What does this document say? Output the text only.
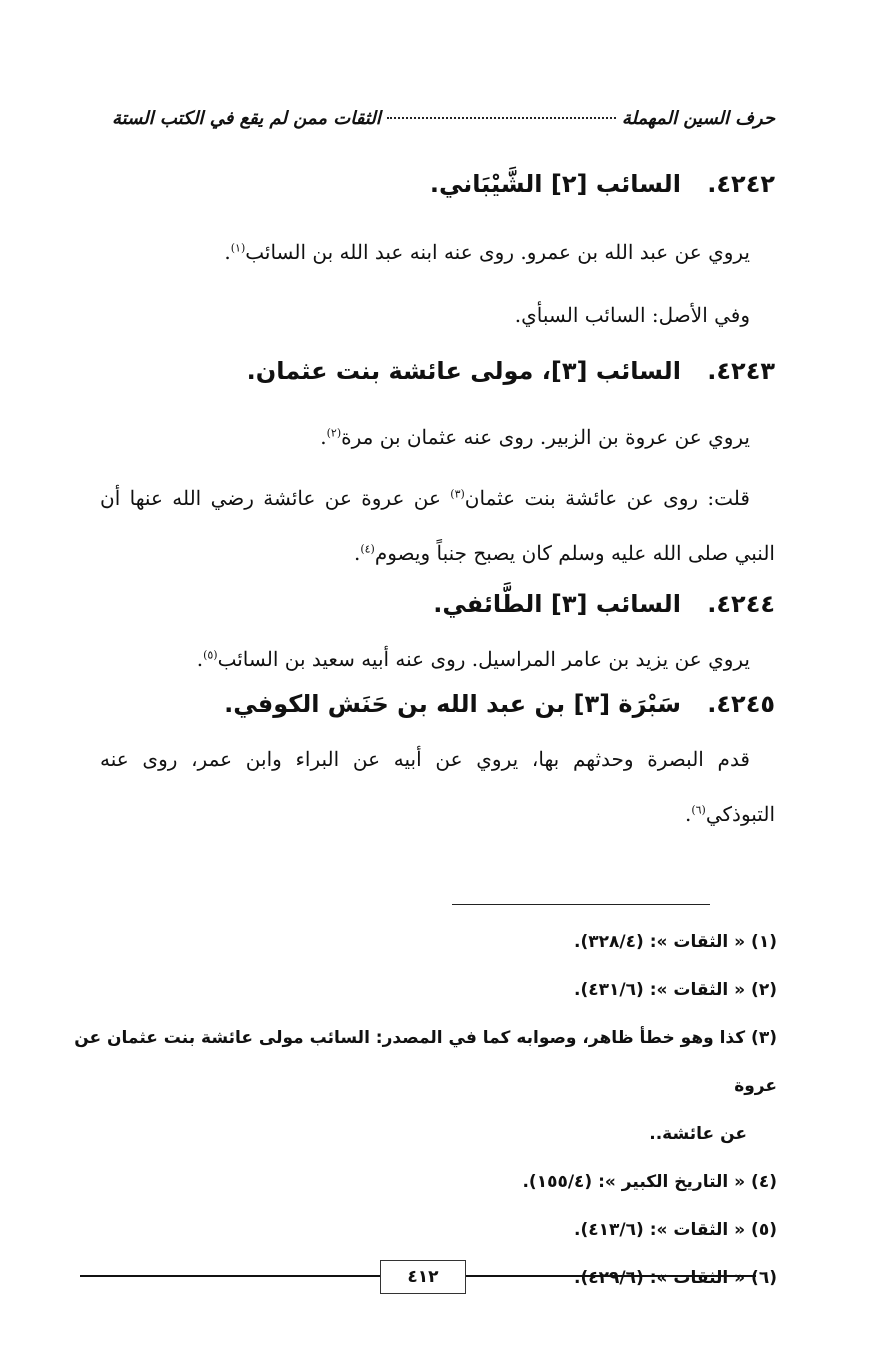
حرف السين المهملة
الثقات ممن لم يقع في الكتب الستة
٤٢٤٢. السائب [٢] الشَّيْبَاني.
يروي عن عبد الله بن عمرو. روى عنه ابنه عبد الله بن السائب$^{(١)}$.
وفي الأصل: السائب السبأي.
٤٢٤٣. السائب [٣]، مولى عائشة بنت عثمان.
يروي عن عروة بن الزبير. روى عنه عثمان بن مرة$^{(٢)}$.
قلت: روى عن عائشة بنت عثمان$^{(٣)}$ عن عروة عن عائشة رضي الله عنها أن النبي صلى الله عليه وسلم كان يصبح جنباً ويصوم$^{(٤)}$.
٤٢٤٤. السائب [٣] الطَّائفي.
يروي عن يزيد بن عامر المراسيل. روى عنه أبيه سعيد بن السائب$^{(٥)}$.
٤٢٤٥. سَبْرَة [٣] بن عبد الله بن حَنَش الكوفي.
قدم البصرة وحدثهم بها، يروي عن أبيه عن البراء وابن عمر، روى عنه التبوذكي$^{(٦)}$.
(١) « الثقات »: (٣٢٨/٤).
(٢) « الثقات »: (٤٣١/٦).
(٣) كذا وهو خطأ ظاهر، وصوابه كما في المصدر: السائب مولى عائشة بنت عثمان عن عروة
عن عائشة..
(٤) « التاريخ الكبير »: (١٥٥/٤).
(٥) « الثقات »: (٤١٣/٦).
(٦) « الثقات »: (٤٢٩/٦).
٤١٢
